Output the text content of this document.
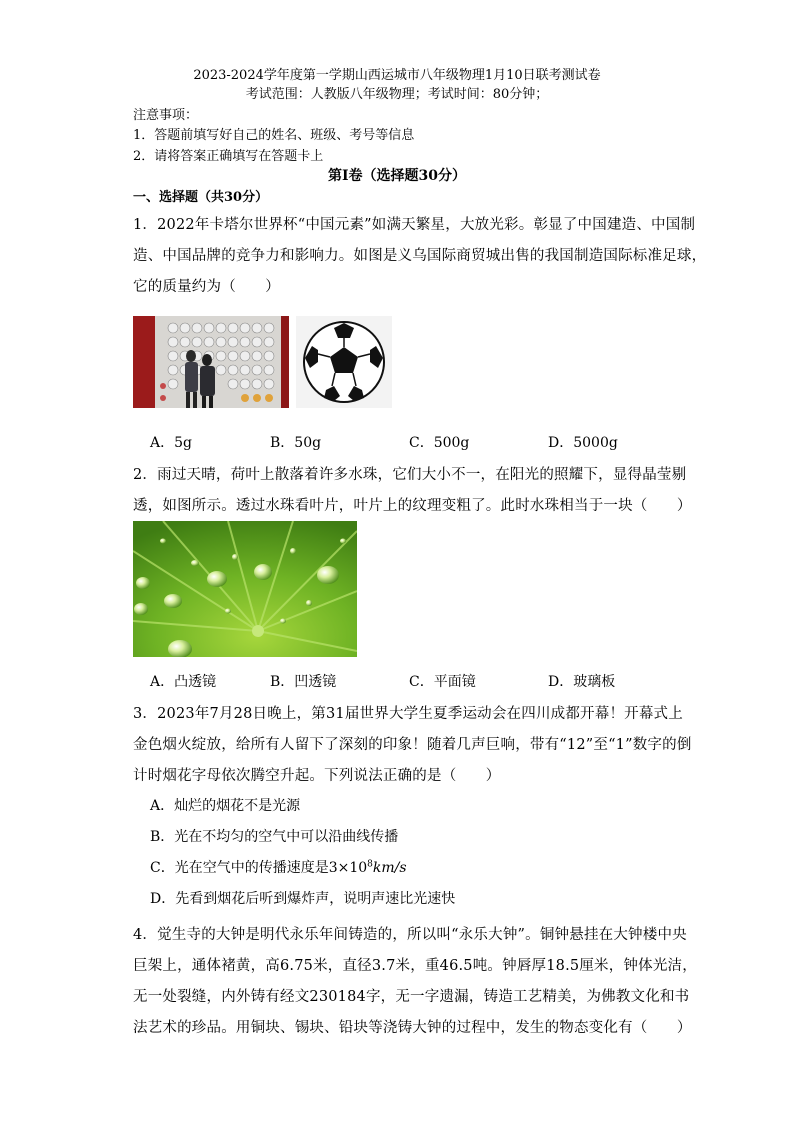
2023-2024学年度第一学期山西运城市八年级物理1月10日联考测试卷
考试范围：人教版八年级物理；考试时间：80分钟；
注意事项：
1．答题前填写好自己的姓名、班级、考号等信息
2．请将答案正确填写在答题卡上
第I卷（选择题30分）
一、选择题（共30分）
1．2022年卡塔尔世界杯“中国元素”如满天繁星，大放光彩。彰显了中国建造、中国制
造、中国品牌的竞争力和影响力。如图是义乌国际商贸城出售的我国制造国际标准足球，
它的质量约为（　　）
A．5g	B．50g	C．500g	D．5000g
2．雨过天晴，荷叶上散落着许多水珠，它们大小不一，在阳光的照耀下，显得晶莹剔
透，如图所示。透过水珠看叶片，叶片上的纹理变粗了。此时水珠相当于一块（　　）
A．凸透镜	B．凹透镜	C．平面镜	D．玻璃板
3．2023年7月28日晚上，第31届世界大学生夏季运动会在四川成都开幕！开幕式上
金色烟火绽放，给所有人留下了深刻的印象！随着几声巨响，带有“12”至“1”数字的倒
计时烟花字母依次腾空升起。下列说法正确的是（　　）
A．灿烂的烟花不是光源
B．光在不均匀的空气中可以沿曲线传播
C．光在空气中的传播速度是$3\times 10^8km/s$
D．先看到烟花后听到爆炸声，说明声速比光速快
4．觉生寺的大钟是明代永乐年间铸造的，所以叫“永乐大钟”。铜钟悬挂在大钟楼中央
巨架上，通体褚黄，高6.75米，直径3.7米，重46.5吨。钟唇厚18.5厘米，钟体光洁，
无一处裂缝，内外铸有经文230184字，无一字遗漏，铸造工艺精美，为佛教文化和书
法艺术的珍品。用铜块、锡块、铅块等浇铸大钟的过程中，发生的物态变化有（　　）
